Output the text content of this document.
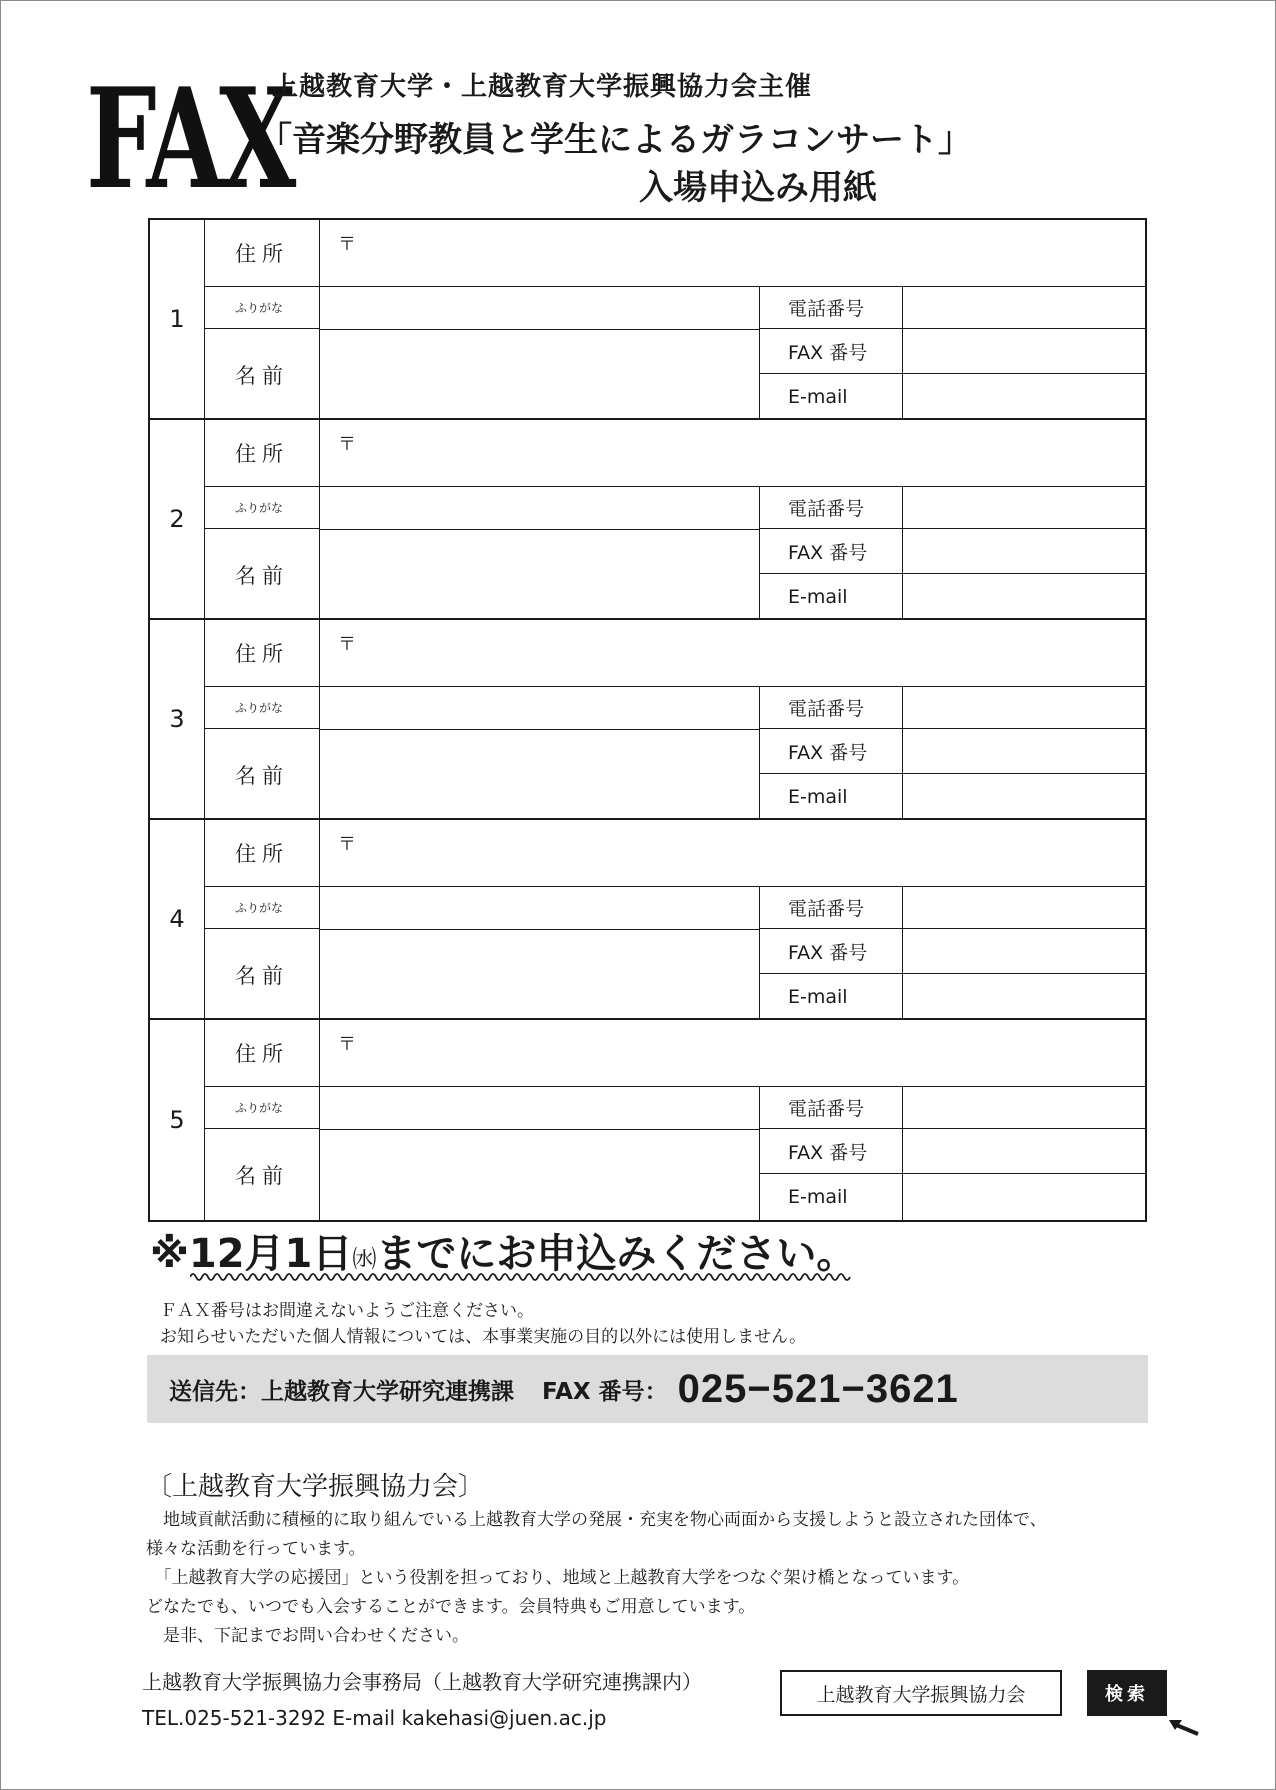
FAX
上越教育大学・上越教育大学振興協力会主催
「音楽分野教員と学生によるガラコンサート」
入場申込み用紙
1
住所
ふりがな
名前
〒
電話番号
FAX 番号
E-mail
2
住所
ふりがな
名前
〒
電話番号
FAX 番号
E-mail
3
住所
ふりがな
名前
〒
電話番号
FAX 番号
E-mail
4
住所
ふりがな
名前
〒
電話番号
FAX 番号
E-mail
5
住所
ふりがな
名前
〒
電話番号
FAX 番号
E-mail
※12月1日㈬までにお申込みください。
ＦＡＸ番号はお間違えないようご注意ください。
お知らせいただいた個人情報については、本事業実施の目的以外には使用しません。
送信先：上越教育大学研究連携課 FAX 番号： 025−521−3621
〔上越教育大学振興協力会〕

　地域貢献活動に積極的に取り組んでいる上越教育大学の発展・充実を物心両面から支援しようと設立された団体で、

様々な活動を行っています。

　「上越教育大学の応援団」という役割を担っており、地域と上越教育大学をつなぐ架け橋となっています。

どなたでも、いつでも入会することができます。会員特典もご用意しています。

　是非、下記までお問い合わせください。

上越教育大学振興協力会事務局（上越教育大学研究連携課内）
TEL.025-521-3292 E-mail kakehasi@juen.ac.jp
上越教育大学振興協力会	検索
